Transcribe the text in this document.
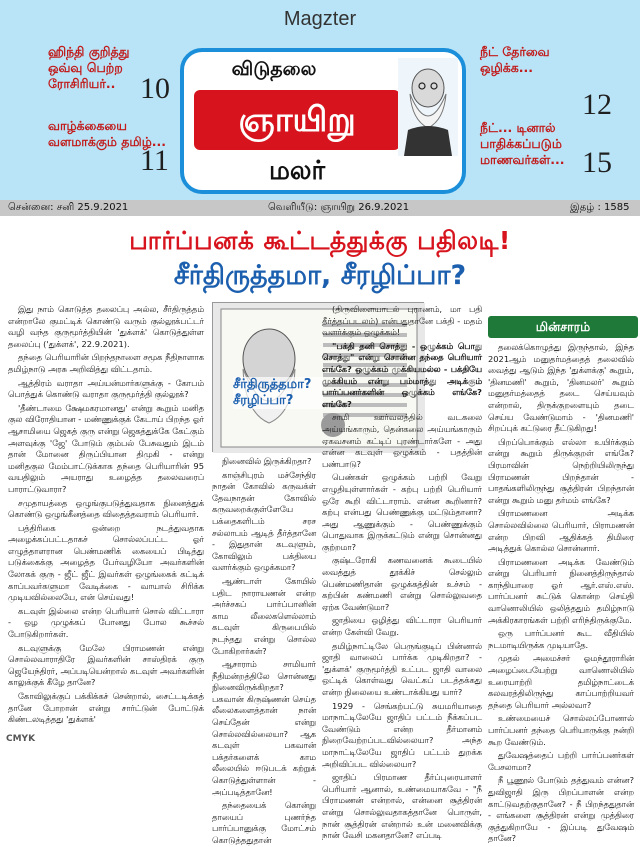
Magzter
ஹிந்தி குறித்து ஒவ்வு பெற்ற ரோசிரியர்.. 10
வாழ்க்கையை வளமாக்கும் தமிழ்...
11
நீட் தேர்வை ஒழிக்க...
12
நீட்... டினால் பாதிக்கப்படும் மாணவர்கள்... 15
விடுதலை
ஞாயிறு
மலர்
சென்னை: சனி 25.9.2021	வெளியீடு: ஞாயிறு 26.9.2021	இதழ் : 1585
பார்ப்பனக் கூட்டத்துக்கு பதிலடி!
சீர்திருத்தமா, சீரழிப்பா?
சீர்திருத்தமா? சீரழிப்பா?
மின்சாரம்

இது நாம் கொடுத்த தலைப்பு அல்ல, சீர்திருத்தம் என்றாலே குமட்டிக் கொண்டு வரும் குல்லூக்பட்டர் வழி வந்த குருமூர்த்தியின் 'துக்ளக்' கொடுத்துள்ள தலைப்பு ('துக்ளக்', 22.9.2021).

தந்தை பெரியாரின் பிறந்தநாளை சமூக நீதிநாளாக தமிழ்நாடு அரசு அறிவித்து விட்டதாம்.

ஆத்திரம் வராதா அய்யன்மார்களுக்கு - கோபம் பொத்துக் கொண்டு வராதா குருமூர்த்தி குல்லூக்?

'தீண்டாமை க்ஷேமகரமானது' என்று கூறும் மனித குல விரோதியான - மண்ணுக்குக் கேடாய் பிறந்த ஓர் ஆசாமியை ஜெகத் குரு என்று ஜெகத்துக்கே கேட்கும் அளவுக்கு 'ஜே' போடும் கும்பல் பேசுவதும் இடம் தான் மோனை திருப்பியான திமுகி - என்று மனிதகுல மேம்பாட்டுக்காக தந்தை பெரியாரின் 95 வயதிலும் அயராது உழைத்த தலைவரைப் பாராட்டுவாரா?

சமுதாயத்தை ஒழுங்குபடுத்துவதாக நினைத்துக் கொண்டு ஒழுங்கீனத்தை விதைத்தவராம் பெரியார்.

பத்திரிகை ஒன்றை நடத்துவதாக அழைக்கப்பட்டதாகச் சொல்லப்பட்ட ஓர் எழுத்தாளரான பெண்மணிக் கையைப் பிடித்து படுக்கைக்கு அழைத்த பேர்வழியோ அவர்களின் லோகக் குரு - ஜீட் ஜீட் இவர்கள் ஒழுங்கைக் கட்டிக் காப்பவர்களுமா வேடிக்கை - வாயால் சிரிக்க முடியவில்லையே, என் செய்வது!

கடவுள் இல்லை என்ற பெரியார் சொல் விட்டாரா - ஒழ முழுக்கப் போனது போல கூச்சல் போடுகிறார்கள்.

கடவுளுக்கு மேலே பிராமணன் என்று சொல்லவாராதிரே இவர்களின் சாஸ்திரக் குரு ஜெயேந்திரர், அப்படியென்றால் கடவுள் அவர்களின் காலுக்குக் கீழே தானே?

கோவிலுக்குப் பக்கிக்கச் சென்றால், சைட்டடிக்கத் தானே போறான் என்று சார்ட்டுன் போட்டுக் கிண்டலடித்தது 'துக்ளக்'

நினைவில் இருக்கிறதா?

காஞ்சிபுரம் மச்சேந்திர நாதன் கோவில் கருவக்ள் தேவநாதன் கோவில் கருவறைக்குள்ளேயே பக்தைகளிடம் சரச சல்லாபம் ஆடித் தீர்த்தானே - இதுதான் கடவுளும், கோவிலும் பக்தியை வளர்க்கும் ஒழுக்கமா?

ஆண்டாள் கோயில் பதிட நாராயணன் என்ற அர்ச்சகப் பார்ப்பானின் காம லீலைகளெல்லாம் கடவுள் கிருபையில் நடந்தது என்று சொல்ல போகிறார்கள்?

ஆசாராம் சாமியார் நீதிமன்றத்திலே சொன்னது நினைவிருக்கிறதா? பகவான் கிருஷ்ணன் செய்த லீலைகளைத்தான் நான் செய்தேன் என்று சொல்லவில்லையா? ஆக கடவுள் பகவான் பக்தர்களைக் காம லீலையில் ஈடுபடக் கற்றுக் கொடுத்துள்ளான் - அப்படித்தானே!

தந்தையைக் கொன்று தாயைப் புணர்ந்த பார்ப்பானுக்கு மோட்சம் கொடுத்ததுதான்

(திருவிளையாடல் புராணம், மா பதி தீர்த்தப்படலம்) என்பதுதானே பக்தி - மதம் வளர்க்கும் ஒழுக்கம்!

"பக்தி தனி சொத்து - ஒழுக்கம் பொது சொத்து" என்று சொன்ன தந்தை பெரியார் எங்கே? ஒழுக்கம் முக்கியமல்ல - பக்தியே முக்கியம் என்று பம்மாத்து அடிக்கும் பார்ப்பனர்களின் ஒழுக்கம் எங்கே? எங்கே?

சாமி ஊர்வலத்தில் வடகலை அய்யங்காரும், தென்கலை அய்யங்காரும் ஏகவசனம் கட்டிப் புரண்டார்களே - அது என்ன கடவுள் ஒழுக்கம் - பதத்தின் பண்பாடு?

பெண்கள் ஒழுக்கம் பற்றி வேறு எழுதியுள்ளார்கள் - கற்பு பற்றி பெரியார் ஒரே கூறி விட்டாராம். என்ன கூறினார்? கற்பு என்பது பெண்ணுக்கு மட்டும்தானா? அது ஆணுக்கும் - பெண்ணுக்கும் பொதுவாக இருக்கட்டும் என்று சொன்னது குற்றமா?

குஷ்டரோகி கணவனைக் கூடையில் வைத்துத் தூக்கிச் செல்லும் பெண்மணிதான் ஒழுக்கத்தின் உச்சம் - கற்பின் கண்மணி என்று சொல்லுவதை ஏற்க வேண்டுமா?

ஜாதியை ஒழித்து விட்டாரா பெரியார் என்ற கேள்வி வேறு.

தமிழ்நாட்டிலே பெருங்குடிப் பின்னால் ஜாதி வாலைப் பார்க்க முடிகிறதா? - 'துக்ளக்' குருமூர்த்தி உட்பட ஜாதி வாலை ஒட்டிக் கொள்வது வெட்கப் படத்தக்கது என்ற நிலையை உண்டாக்கியது யார்?

1929 - செங்கற்பட்டு சுயமரியாதை மாநாட்டிலேயே ஜாதிப் பட்டம் நீக்கப்பட வேண்டும் என்ற தீர்மானம் நிறைவேற்றப்படவில்லையா? அந்த மாநாட்டிலேயே ஜாதிப் பட்டம் துறக்க அறிவிப்பட வில்லையா?

ஜாதிப் பிரமாண தீர்ப்புரையாளர் பெரியார் ஆனால், உண்மையாகவே - "நீ பிராமணன் என்றால், என்னை சூத்திரன் என்று சொல்லுவதாகத்தானே பொருள், நான் சூத்திரன் என்றால் உன் மனைவிக்கு நான் வேசி மகனதானே? எப்படி

தலைக்கொழுத்து இருந்தால், இந்த 2021ஆம் மனுதர்மத்தைத் தலைவில் வைத்து ஆடும் இந்த 'துக்ளக்கு' கூறும், 'தினமணி' கூறும், 'தினமலர்' கூறும் மனுதர்மத்தைத் தடை செய்யவும் என்றால், திருக்குறளையும் தடை செய்ய வேண்டுமாம் - 'தினமணி' சிறப்புக் கட்டுரை தீட்டுகிறது!

பிறப்பொக்கும் எல்லா உயிர்க்கும் என்று கூறும் திருக்குறள் எங்கே? பிரமாவின் நெற்றியிலிருந்து பிராமணன் பிறந்தான் - பாதங்களிலிருந்து சூத்திரன் பிறந்தான் என்று கூறும் மனு தர்மம் எங்கே?

பிராமணனை அடிக்க சொல்லவில்லை பெரியார், பிராமணன் என்ற பிறவி ஆதிக்கத் திமிரை அடித்துக் கொல்ல சொன்னார்.

பிராமணனை அடிக்க வேண்டும் என்று பெரியார் நினைத்திருந்தால் காந்தியாரை ஓர் ஆர்.எஸ்.எஸ். பார்ப்பனர் சுட்டுக் கொன்ற செய்தி வானொலியில் ஒலித்ததும் தமிழ்நாடு அக்கிரகாரங்கள் பற்றி எரிந்திருக்குமே.

ஒரு பார்ப்பனர் கூட வீதியில் நடமாடியிருக்க முடியாதே.

முதல் அமைச்சர் ஓமந்தூராரின் அழைப்பையேற்று வானொலியில் உரையாற்றி தமிழ்நாட்டைக் கலவரத்திலிருந்து காப்பாற்றியவர் தந்தை பெரியார் அல்லவா?

உண்மையைச் சொல்லப்போனால் பார்ப்பனர் தந்தை பெரியாருக்கு நன்றி கூற வேண்டும்.

துவேஷத்தைப் பற்றி பார்ப்பனர்கள் பேசலாமா?

நீ பூணூல் போடும் தத்துவம் என்ன? துவிஜாதி இரு பிறப்பாளன் என்ற காட்டுவதற்குதானே? - நீ பிறந்ததுதான் - எங்களை சூத்திரன் என்று முத்திரை குத்துகிறாயே - இப்படி துவேஷம் தானே?

CMYK
